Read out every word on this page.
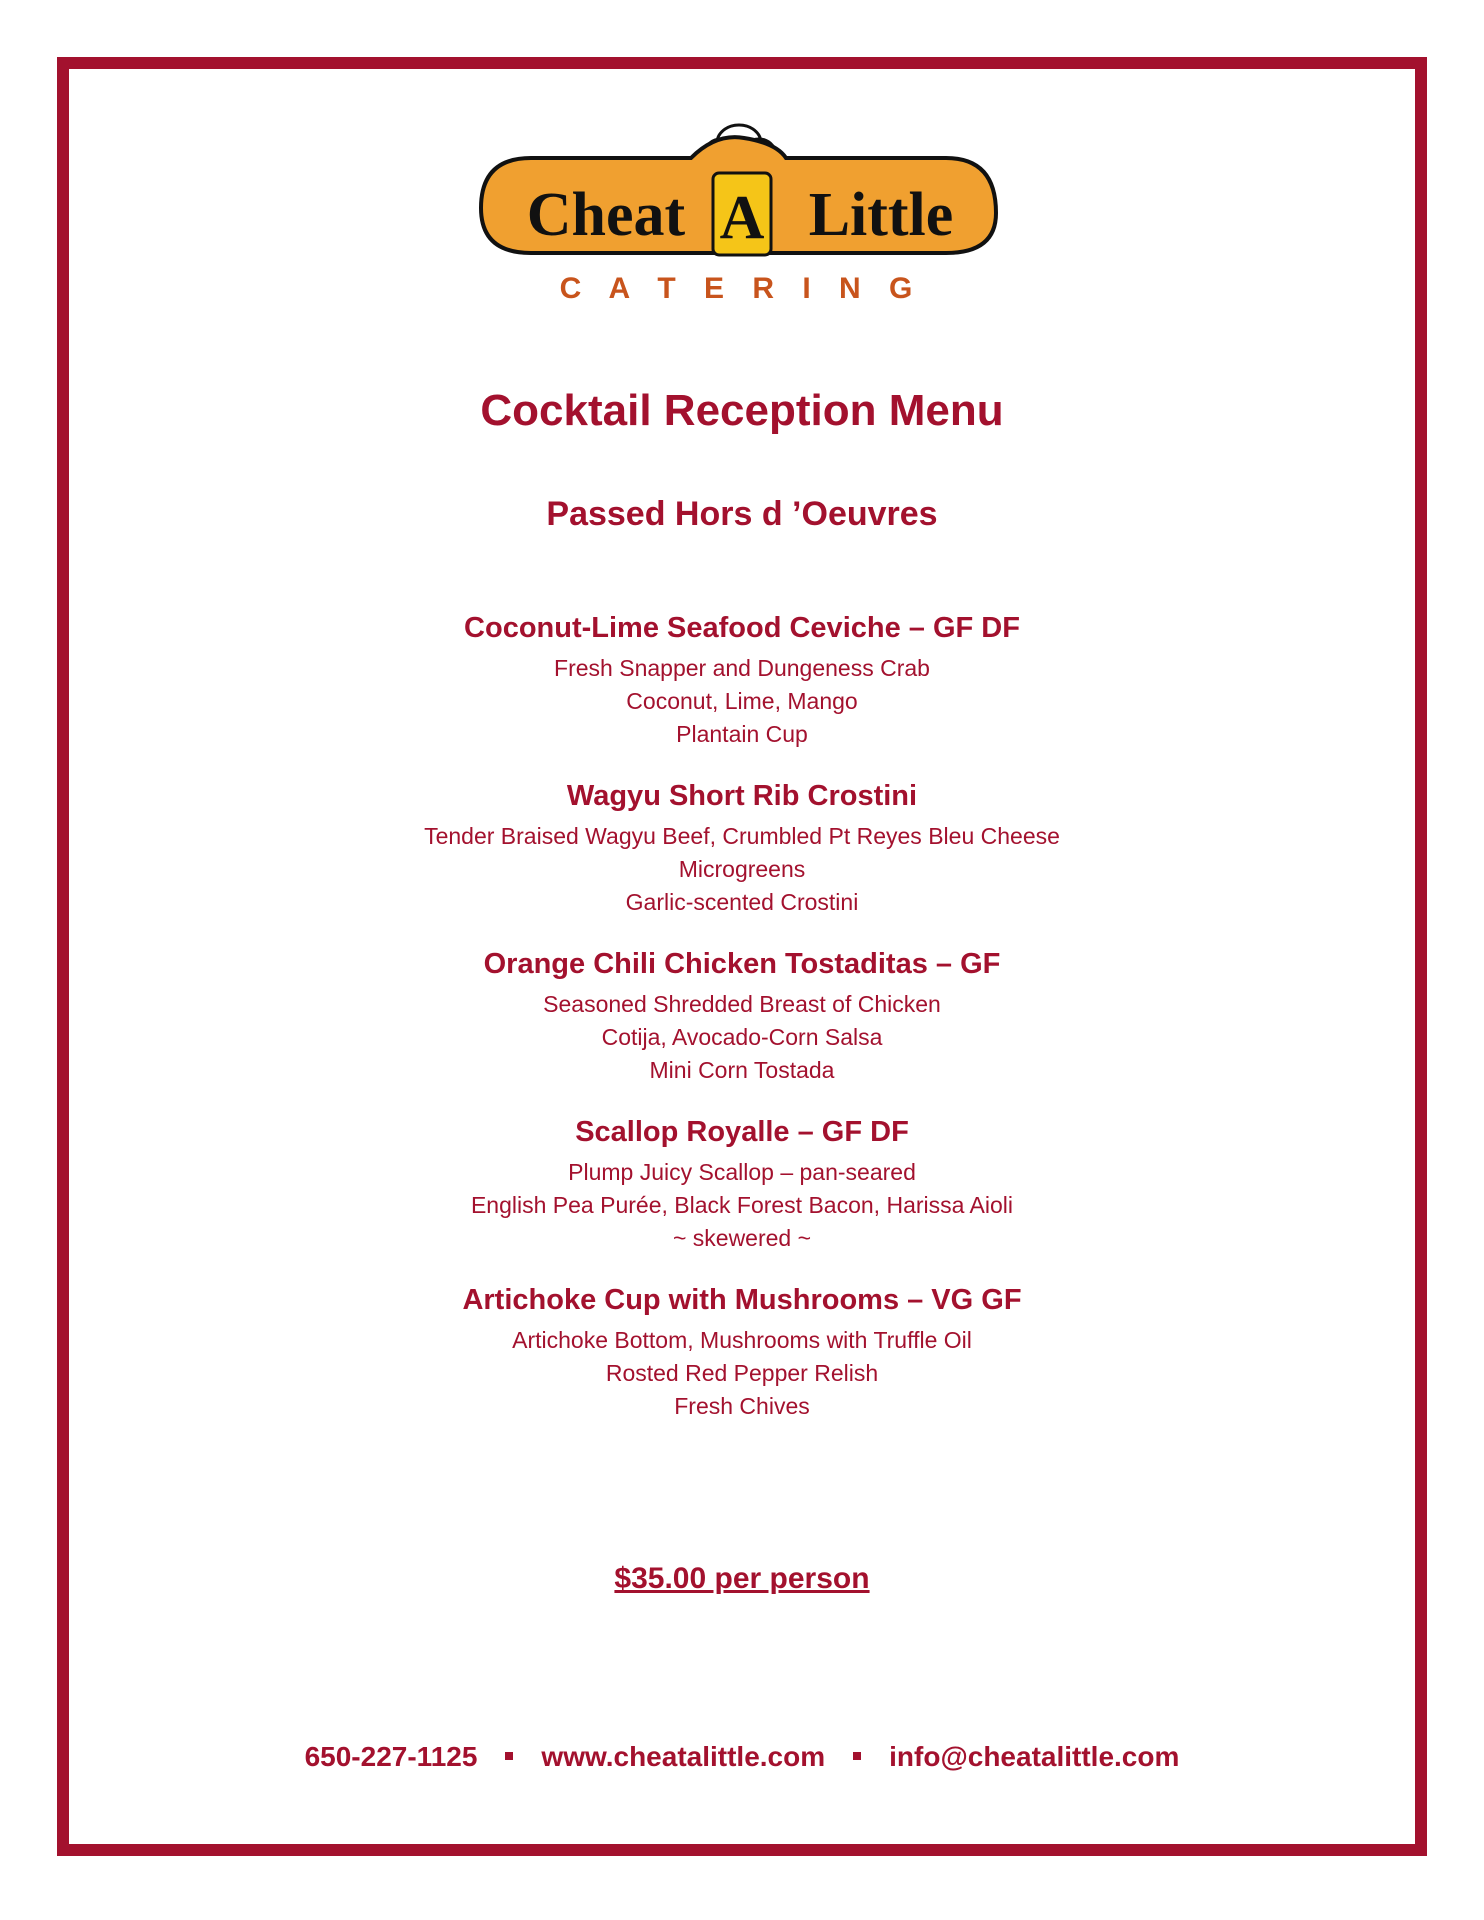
A
Cheat Little
C A T E R I N G
Cocktail Reception Menu
Passed Hors d ’Oeuvres
Coconut-Lime Seafood Ceviche – GF DF
Fresh Snapper and Dungeness Crab
Coconut, Lime, Mango
Plantain Cup
Wagyu Short Rib Crostini
Tender Braised Wagyu Beef, Crumbled Pt Reyes Bleu Cheese
Microgreens
Garlic-scented Crostini
Orange Chili Chicken Tostaditas – GF
Seasoned Shredded Breast of Chicken
Cotija, Avocado-Corn Salsa
Mini Corn Tostada
Scallop Royalle – GF DF
Plump Juicy Scallop – pan-seared
English Pea Purée, Black Forest Bacon, Harissa Aioli
~ skewered ~
Artichoke Cup with Mushrooms – VG GF
Artichoke Bottom, Mushrooms with Truffle Oil
Rosted Red Pepper Relish
Fresh Chives
$35.00 per person
650-227-1125 www.cheatalittle.com info@cheatalittle.com
